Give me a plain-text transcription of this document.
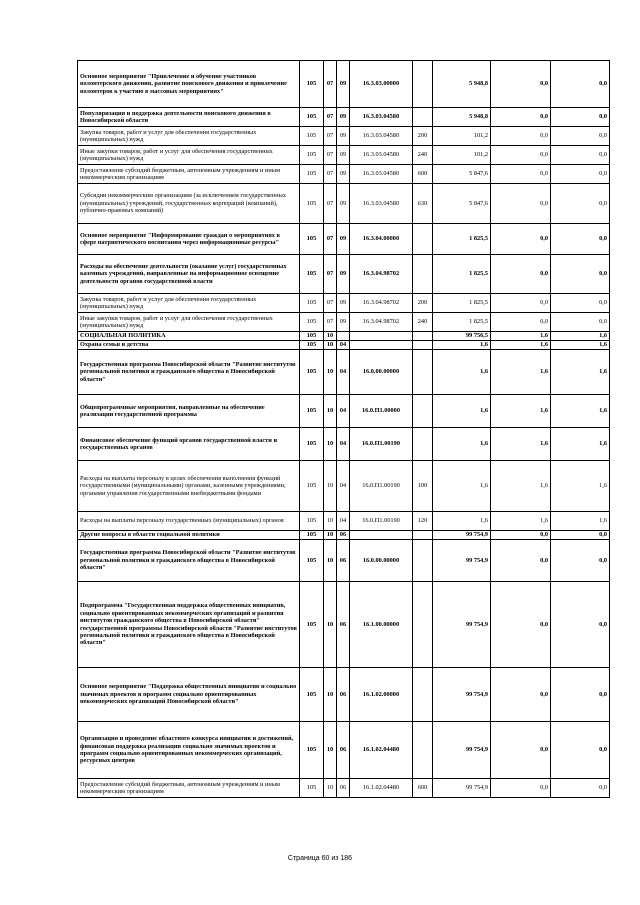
Основное мероприятие "Привлечение и обучение участников волонтерского движения, развитие поискового движения и привлечение волонтеров к участию в массовых мероприятиях"	105	07	09	16.3.03.00000		5 948,8	0,0	0,0
Популяризация и поддержка деятельности поискового движения в Новосибирской области	105	07	09	16.3.03.04580		5 948,8	0,0	0,0
Закупка товаров, работ и услуг для обеспечения государственных (муниципальных) нужд	105	07	09	16.3.03.04580	200	101,2	0,0	0,0
Иные закупки товаров, работ и услуг для обеспечения государственных (муниципальных) нужд	105	07	09	16.3.03.04580	240	101,2	0,0	0,0
Предоставление субсидий бюджетным, автономным учреждениям и иным некоммерческим организациям	105	07	09	16.3.03.04580	600	5 847,6	0,0	0,0
Субсидии некоммерческим организациям (за исключением государственных (муниципальных) учреждений, государственных корпораций (компаний), публично-правовых компаний)	105	07	09	16.3.03.04580	630	5 847,6	0,0	0,0
Основное мероприятие "Информирование граждан о мероприятиях в сфере патриотического воспитания через информационные ресурсы"	105	07	09	16.3.04.00000		1 825,5	0,0	0,0
Расходы на обеспечение деятельности (оказание услуг) государственных казенных учреждений, направленные на информационное освещение деятельности органов государственной власти	105	07	09	16.3.04.98702		1 825,5	0,0	0,0
Закупка товаров, работ и услуг для обеспечения государственных (муниципальных) нужд	105	07	09	16.3.04.98702	200	1 825,5	0,0	0,0
Иные закупки товаров, работ и услуг для обеспечения государственных (муниципальных) нужд	105	07	09	16.3.04.98702	240	1 825,5	0,0	0,0
СОЦИАЛЬНАЯ ПОЛИТИКА	105	10				99 756,5	1,6	1,6
Охрана семьи и детства	105	10	04			1,6	1,6	1,6
Государственная программа Новосибирской области "Развитие институтов региональной политики и гражданского общества в Новосибирской области"	105	10	04	16.0.00.00000		1,6	1,6	1,6
Общепрограммные мероприятия, направленные на обеспечение реализации государственной программы	105	10	04	16.0.П1.00000		1,6	1,6	1,6
Финансовое обеспечение функций органов государственной власти и государственных органов	105	10	04	16.0.П1.00190		1,6	1,6	1,6
Расходы на выплаты персоналу в целях обеспечения выполнения функций государственными (муниципальными) органами, казенными учреждениями, органами управления государственными внебюджетными фондами	105	10	04	16.0.П1.00190	100	1,6	1,6	1,6
Расходы на выплаты персоналу государственных (муниципальных) органов	105	10	04	16.0.П1.00190	120	1,6	1,6	1,6
Другие вопросы в области социальной политики	105	10	06			99 754,9	0,0	0,0
Государственная программа Новосибирской области "Развитие институтов региональной политики и гражданского общества в Новосибирской области"	105	10	06	16.0.00.00000		99 754,9	0,0	0,0
Подпрограмма "Государственная поддержка общественных инициатив, социально ориентированных некоммерческих организаций и развития институтов гражданского общества в Новосибирской области" государственной программы Новосибирской области "Развитие институтов региональной политики и гражданского общества в Новосибирской области"	105	10	06	16.1.00.00000		99 754,9	0,0	0,0
Основное мероприятие "Поддержка общественных инициатив и социально значимых проектов и программ социально ориентированных некоммерческих организаций Новосибирской области"	105	10	06	16.1.02.00000		99 754,9	0,0	0,0
Организация и проведение областного конкурса инициатив и достижений, финансовая поддержка реализации социально значимых проектов и программ социально ориентированных некоммерческих организаций, ресурсных центров	105	10	06	16.1.02.04480		99 754,9	0,0	0,0
Предоставление субсидий бюджетным, автономным учреждениям и иным некоммерческим организациям	105	10	06	16.1.02.04480	600	99 754,9	0,0	0,0
Страница 60 из 186
